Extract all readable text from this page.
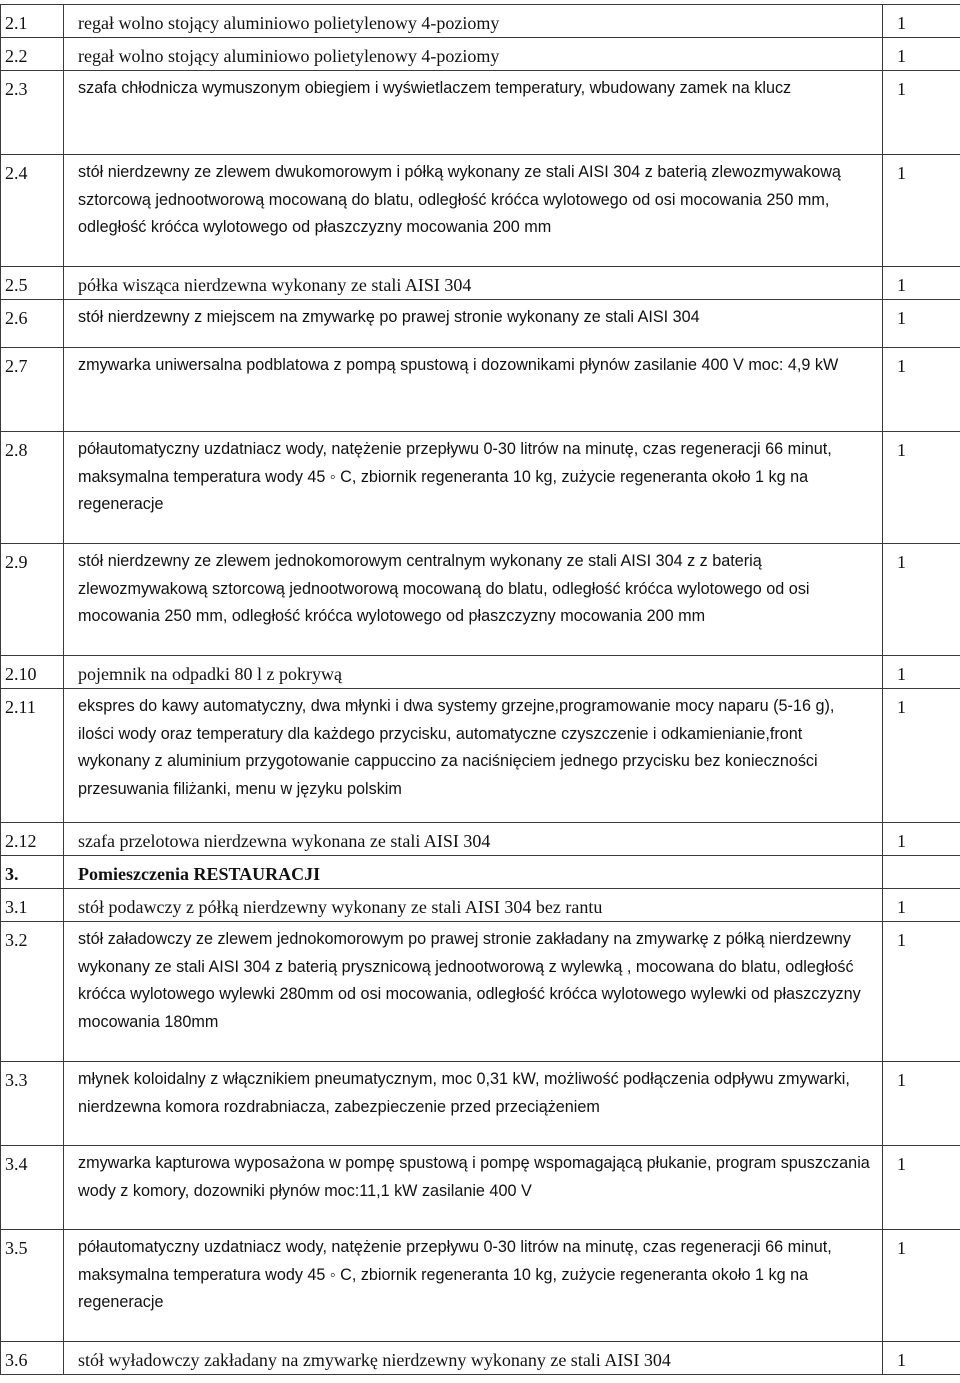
2.1	regał wolno stojący aluminiowo polietylenowy 4-poziomy	1
2.2	regał wolno stojący aluminiowo polietylenowy 4-poziomy	1
2.3	szafa chłodnicza wymuszonym obiegiem i wyświetlaczem temperatury, wbudowany zamek na klucz	1
2.4	stół nierdzewny ze zlewem dwukomorowym i półką wykonany ze stali AISI 304 z baterią zlewozmywakową sztorcową jednootworową mocowaną do blatu, odległość króćca wylotowego od osi mocowania 250 mm, odległość króćca wylotowego od płaszczyzny mocowania 200 mm	1
2.5	półka wisząca nierdzewna wykonany ze stali AISI 304	1
2.6	stół nierdzewny z miejscem na zmywarkę po prawej stronie wykonany ze stali AISI 304	1
2.7	zmywarka uniwersalna podblatowa z pompą spustową i dozownikami płynów zasilanie 400 V moc: 4,9 kW	1
2.8	półautomatyczny uzdatniacz wody, natężenie przepływu 0-30 litrów na minutę, czas regeneracji 66 minut, maksymalna temperatura wody 45 ◦ C, zbiornik regeneranta 10 kg, zużycie regeneranta około 1 kg na regeneracje	1
2.9	stół nierdzewny ze zlewem jednokomorowym centralnym wykonany ze stali AISI 304 z z baterią zlewozmywakową sztorcową jednootworową mocowaną do blatu, odległość króćca wylotowego od osi mocowania 250 mm, odległość króćca wylotowego od płaszczyzny mocowania 200 mm	1
2.10	pojemnik na odpadki 80 l z pokrywą	1
2.11	ekspres do kawy automatyczny, dwa młynki i dwa systemy grzejne,programowanie mocy naparu (5-16 g), ilości wody oraz temperatury dla każdego przycisku, automatyczne czyszczenie i odkamienianie,front wykonany z aluminium przygotowanie cappuccino za naciśnięciem jednego przycisku bez konieczności przesuwania filiżanki, menu w języku polskim	1
2.12	szafa przelotowa nierdzewna wykonana ze stali AISI 304	1
3.	Pomieszczenia RESTAURACJI	
3.1	stół podawczy z półką nierdzewny wykonany ze stali AISI 304 bez rantu	1
3.2	stół załadowczy ze zlewem jednokomorowym po prawej stronie zakładany na zmywarkę z półką nierdzewny wykonany ze stali AISI 304 z baterią prysznicową jednootworową z wylewką , mocowana do blatu, odległość króćca wylotowego wylewki 280mm od osi mocowania, odległość króćca wylotowego wylewki od płaszczyzny mocowania 180mm	1
3.3	młynek koloidalny z włącznikiem pneumatycznym, moc 0,31 kW, możliwość podłączenia odpływu zmywarki, nierdzewna komora rozdrabniacza, zabezpieczenie przed przeciążeniem	1
3.4	zmywarka kapturowa wyposażona w pompę spustową i pompę wspomagającą płukanie, program spuszczania wody z komory, dozowniki płynów moc:11,1 kW zasilanie 400 V	1
3.5	półautomatyczny uzdatniacz wody, natężenie przepływu 0-30 litrów na minutę, czas regeneracji 66 minut, maksymalna temperatura wody 45 ◦ C, zbiornik regeneranta 10 kg, zużycie regeneranta około 1 kg na regeneracje	1
3.6	stół wyładowczy zakładany na zmywarkę nierdzewny wykonany ze stali AISI 304	1
